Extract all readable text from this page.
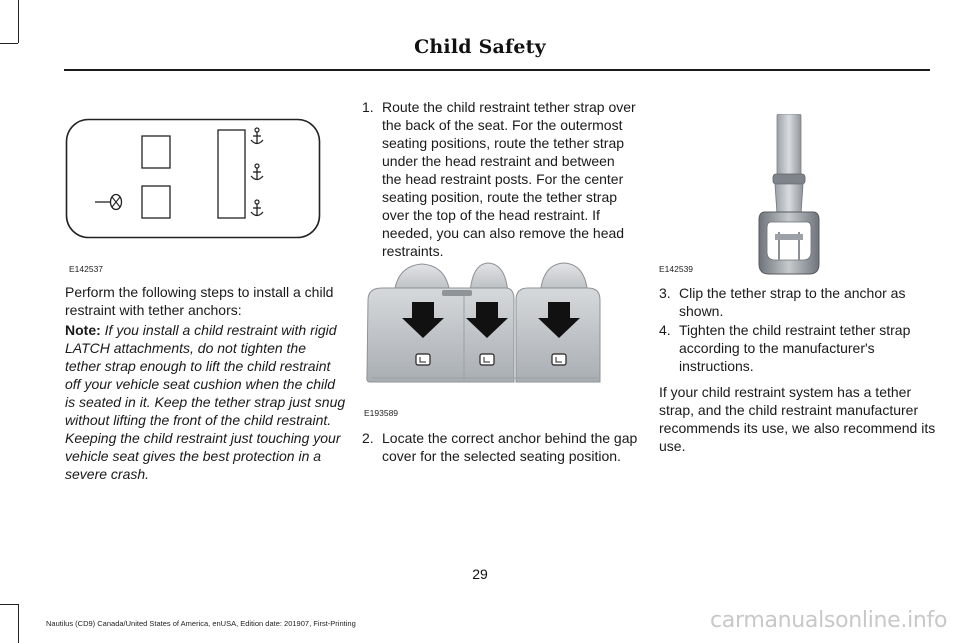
Child Safety
E142537
Perform the following steps to install a child restraint with tether anchors:
Note: If you install a child restraint with rigid
LATCH attachments, do not tighten the
tether strap enough to lift the child restraint
off your vehicle seat cushion when the child
is seated in it. Keep the tether strap just snug
without lifting the front of the child restraint.
Keeping the child restraint just touching your
vehicle seat gives the best protection in a
severe crash.
1. Route the child restraint tether strap over
the back of the seat. For the outermost
seating positions, route the tether strap
under the head restraint and between
the head restraint posts. For the center
seating position, route the tether strap
over the top of the head restraint. If
needed, you can also remove the head
restraints.
E193589
2. Locate the correct anchor behind the gap
cover for the selected seating position.
E142539
3. Clip the tether strap to the anchor as
shown.
4. Tighten the child restraint tether strap
according to the manufacturer's
instructions.
If your child restraint system has a tether
strap, and the child restraint manufacturer
recommends its use, we also recommend its
use.
29
Nautilus (CD9) Canada/United States of America, enUSA, Edition date: 201907, First-Printing	carmanualsonline.info
